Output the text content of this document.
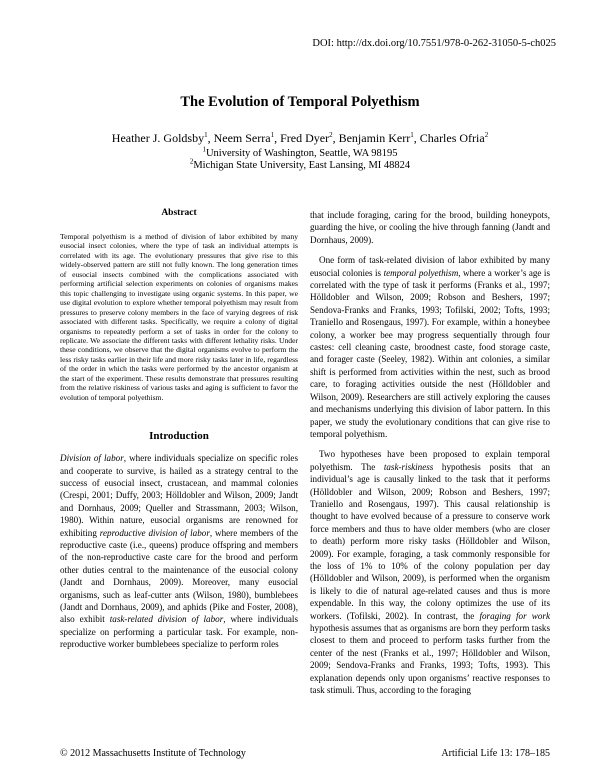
DOI: http://dx.doi.org/10.7551/978-0-262-31050-5-ch025
The Evolution of Temporal Polyethism
Heather J. Goldsby$^1$, Neem Serra$^1$, Fred Dyer$^2$, Benjamin Kerr$^1$, Charles Ofria$^2$
$^1$University of Washington, Seattle, WA 98195
$^2$Michigan State University, East Lansing, MI 48824
Abstract

Temporal polyethism is a method of division of labor exhibited by many eusocial insect colonies, where the type of task an individual attempts is correlated with its age. The evolutionary pressures that give rise to this widely-observed pattern are still not fully known. The long generation times of eusocial insects combined with the complications associated with performing artificial selection experiments on colonies of organisms makes this topic challenging to investigate using organic systems. In this paper, we use digital evolution to explore whether temporal polyethism may result from pressures to preserve colony members in the face of varying degrees of risk associated with different tasks. Specifically, we require a colony of digital organisms to repeatedly perform a set of tasks in order for the colony to replicate. We associate the different tasks with different lethality risks. Under these conditions, we observe that the digital organisms evolve to perform the less risky tasks earlier in their life and more risky tasks later in life, regardless of the order in which the tasks were performed by the ancestor organism at the start of the experiment. These results demonstrate that pressures resulting from the relative riskiness of various tasks and aging is sufficient to favor the evolution of temporal polyethism.

Introduction

Division of labor, where individuals specialize on specific roles and cooperate to survive, is hailed as a strategy central to the success of eusocial insect, crustacean, and mammal colonies (Crespi, 2001; Duffy, 2003; Hölldobler and Wilson, 2009; Jandt and Dornhaus, 2009; Queller and Strassmann, 2003; Wilson, 1980). Within nature, eusocial organisms are renowned for exhibiting reproductive division of labor, where members of the reproductive caste (i.e., queens) produce offspring and members of the non-reproductive caste care for the brood and perform other duties central to the maintenance of the eusocial colony (Jandt and Dornhaus, 2009). Moreover, many eusocial organisms, such as leaf-cutter ants (Wilson, 1980), bumblebees (Jandt and Dornhaus, 2009), and aphids (Pike and Foster, 2008), also exhibit task-related division of labor, where individuals specialize on performing a particular task. For example, non-reproductive worker bumblebees specialize to perform roles

that include foraging, caring for the brood, building honeypots, guarding the hive, or cooling the hive through fanning (Jandt and Dornhaus, 2009).

One form of task-related division of labor exhibited by many eusocial colonies is temporal polyethism, where a worker’s age is correlated with the type of task it performs (Franks et al., 1997; Hölldobler and Wilson, 2009; Robson and Beshers, 1997; Sendova-Franks and Franks, 1993; Tofilski, 2002; Tofts, 1993; Traniello and Rosengaus, 1997). For example, within a honeybee colony, a worker bee may progress sequentially through four castes: cell cleaning caste, broodnest caste, food storage caste, and forager caste (Seeley, 1982). Within ant colonies, a similar shift is performed from activities within the nest, such as brood care, to foraging activities outside the nest (Hölldobler and Wilson, 2009). Researchers are still actively exploring the causes and mechanisms underlying this division of labor pattern. In this paper, we study the evolutionary conditions that can give rise to temporal polyethism.

Two hypotheses have been proposed to explain temporal polyethism. The task-riskiness hypothesis posits that an individual’s age is causally linked to the task that it performs (Hölldobler and Wilson, 2009; Robson and Beshers, 1997; Traniello and Rosengaus, 1997). This causal relationship is thought to have evolved because of a pressure to conserve work force members and thus to have older members (who are closer to death) perform more risky tasks (Hölldobler and Wilson, 2009). For example, foraging, a task commonly responsible for the loss of 1% to 10% of the colony population per day (Hölldobler and Wilson, 2009), is performed when the organism is likely to die of natural age-related causes and thus is more expendable. In this way, the colony optimizes the use of its workers. (Tofilski, 2002). In contrast, the foraging for work hypothesis assumes that as organisms are born they perform tasks closest to them and proceed to perform tasks further from the center of the nest (Franks et al., 1997; Hölldobler and Wilson, 2009; Sendova-Franks and Franks, 1993; Tofts, 1993). This explanation depends only upon organisms’ reactive responses to task stimuli. Thus, according to the foraging

© 2012 Massachusetts Institute of Technology	Artificial Life 13: 178–185
